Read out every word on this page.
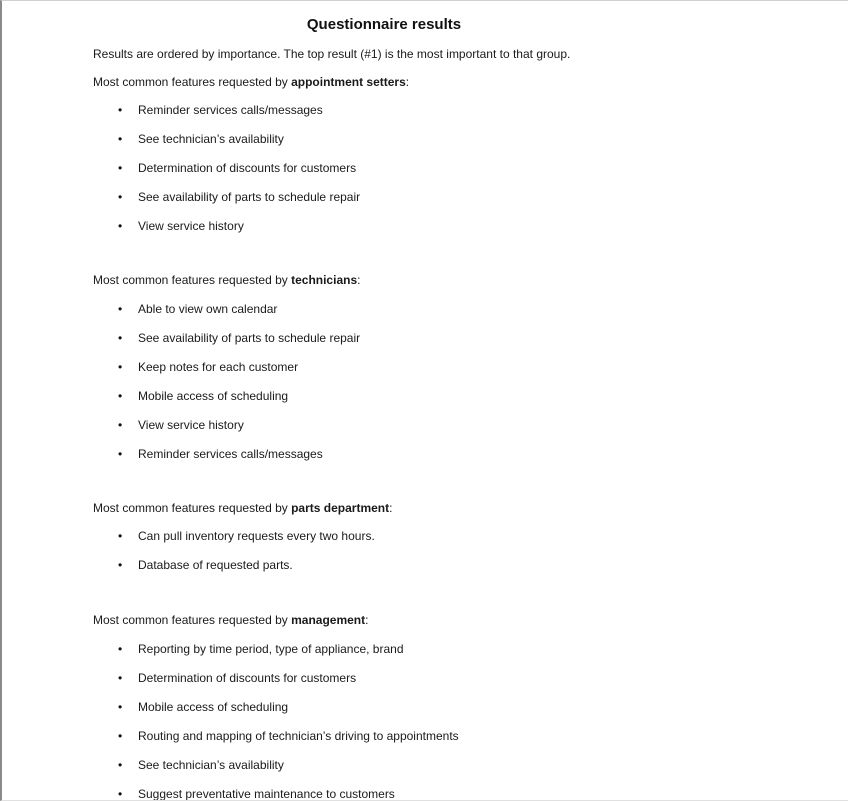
Questionnaire results

Results are ordered by importance. The top result (#1) is the most important to that group.

Most common features requested by appointment setters:

• Reminder services calls/messages
• See technician’s availability
• Determination of discounts for customers
• See availability of parts to schedule repair
• View service history

Most common features requested by technicians:

• Able to view own calendar
• See availability of parts to schedule repair
• Keep notes for each customer
• Mobile access of scheduling
• View service history
• Reminder services calls/messages

Most common features requested by parts department:

• Can pull inventory requests every two hours.
• Database of requested parts.

Most common features requested by management:

• Reporting by time period, type of appliance, brand
• Determination of discounts for customers
• Mobile access of scheduling
• Routing and mapping of technician’s driving to appointments
• See technician’s availability
• Suggest preventative maintenance to customers
